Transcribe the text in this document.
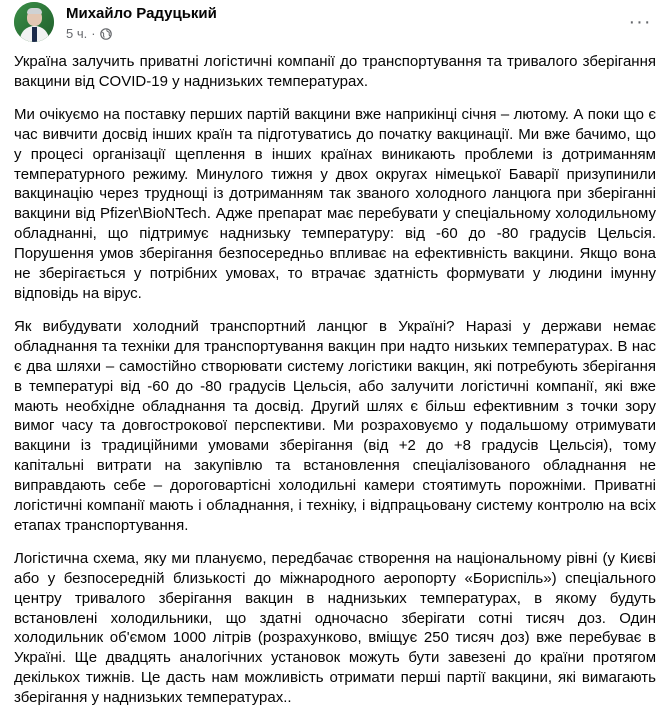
Михайло Радуцький
5 ч. ·
···

Україна залучить приватні логістичні компанії до транспортування та тривалого зберігання вакцини від COVID-19 у наднизьких температурах.

Ми очікуємо на поставку перших партій вакцини вже наприкінці січня – лютому. А поки що є час вивчити досвід інших країн та підготуватись до початку вакцинації. Ми вже бачимо, що у процесі організації щеплення в інших країнах виникають проблеми із дотриманням температурного режиму. Минулого тижня у двох округах німецької Баварії призупинили вакцинацію через труднощі із дотриманням так званого холодного ланцюга при зберіганні вакцини від Pfizer\BioNTech. Адже препарат має перебувати у спеціальному холодильному обладнанні, що підтримує наднизьку температуру: від -60 до -80 градусів Цельсія. Порушення умов зберігання безпосередньо впливає на ефективність вакцини. Якщо вона не зберігається у потрібних умовах, то втрачає здатність формувати у людини імунну відповідь на вірус.

Як вибудувати холодний транспортний ланцюг в Україні? Наразі у держави немає обладнання та техніки для транспортування вакцин при надто низьких температурах. В нас є два шляхи – самостійно створювати систему логістики вакцин, які потребують зберігання в температурі від -60 до -80 градусів Цельсія, або залучити логістичні компанії, які вже мають необхідне обладнання та досвід. Другий шлях є більш ефективним з точки зору вимог часу та довгострокової перспективи. Ми розраховуємо у подальшому отримувати вакцини із традиційними умовами зберігання (від +2 до +8 градусів Цельсія), тому капітальні витрати на закупівлю та встановлення спеціалізованого обладнання не виправдають себе – дороговартісні холодильні камери стоятимуть порожніми. Приватні логістичні компанії мають і обладнання, і техніку, і відпрацьовану систему контролю на всіх етапах транспортування.

Логістична схема, яку ми плануємо, передбачає створення на національному рівні (у Києві або у безпосередній близькості до міжнародного аеропорту «Бориспіль») спеціального центру тривалого зберігання вакцин в наднизьких температурах, в якому будуть встановлені холодильники, що здатні одночасно зберігати сотні тисяч доз. Один холодильник об'ємом 1000 літрів (розрахунково, вміщує 250 тисяч доз) вже перебуває в Україні. Ще двадцять аналогічних установок можуть бути завезені до країни протягом декількох тижнів. Це дасть нам можливість отримати перші партії вакцини, які вимагають зберігання у наднизьких температурах..
